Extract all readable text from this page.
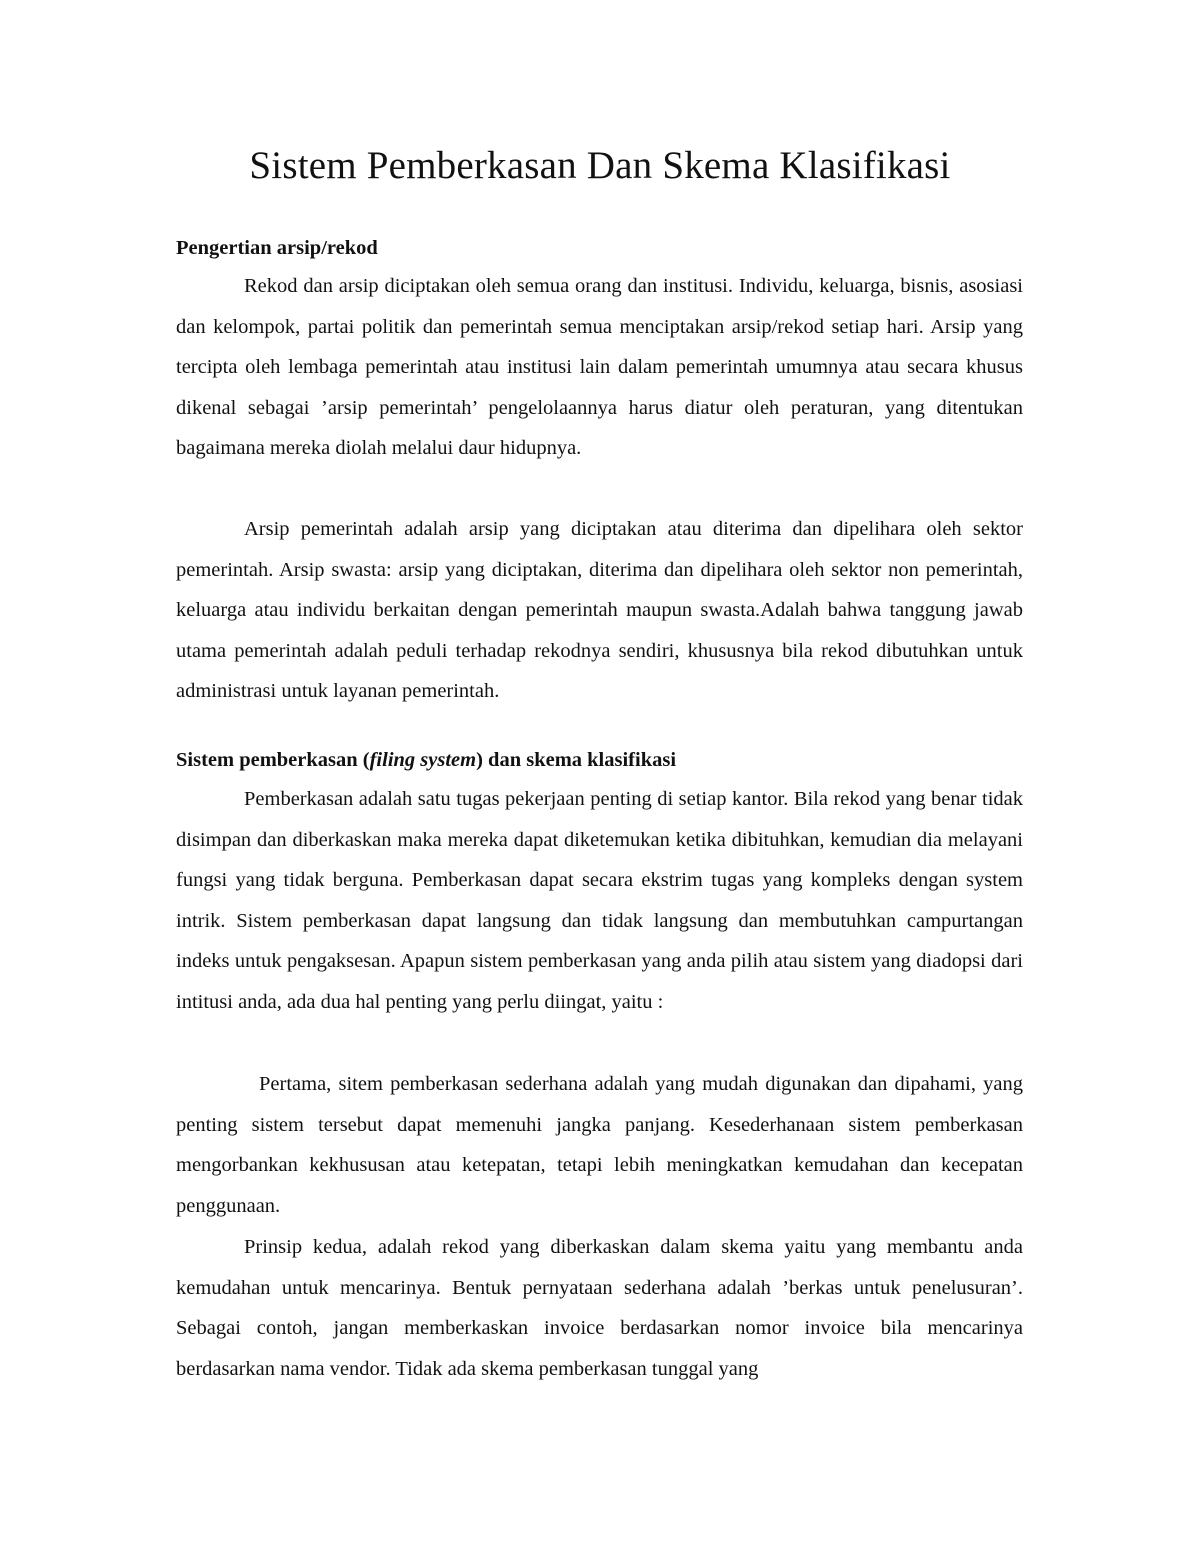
Sistem Pemberkasan Dan Skema Klasifikasi

Pengertian arsip/rekod

Rekod dan arsip diciptakan oleh semua orang dan institusi. Individu, keluarga, bisnis, asosiasi dan kelompok, partai politik dan pemerintah semua menciptakan arsip/rekod setiap hari. Arsip yang tercipta oleh lembaga pemerintah atau institusi lain dalam pemerintah umumnya atau secara khusus dikenal sebagai ’arsip pemerintah’ pengelolaannya harus diatur oleh peraturan, yang ditentukan bagaimana mereka diolah melalui daur hidupnya.

Arsip pemerintah adalah arsip yang diciptakan atau diterima dan dipelihara oleh sektor pemerintah. Arsip swasta: arsip yang diciptakan, diterima dan dipelihara oleh sektor non pemerintah, keluarga atau individu berkaitan dengan pemerintah maupun swasta.Adalah bahwa tanggung jawab utama pemerintah adalah peduli terhadap rekodnya sendiri, khususnya bila rekod dibutuhkan untuk administrasi untuk layanan pemerintah.

Sistem pemberkasan (filing system) dan skema klasifikasi

Pemberkasan adalah satu tugas pekerjaan penting di setiap kantor. Bila rekod yang benar tidak disimpan dan diberkaskan maka mereka dapat diketemukan ketika dibituhkan, kemudian dia melayani fungsi yang tidak berguna. Pemberkasan dapat secara ekstrim tugas yang kompleks dengan system intrik. Sistem pemberkasan dapat langsung dan tidak langsung dan membutuhkan campurtangan indeks untuk pengaksesan. Apapun sistem pemberkasan yang anda pilih atau sistem yang diadopsi dari intitusi anda, ada dua hal penting yang perlu diingat, yaitu :

Pertama, sitem pemberkasan sederhana adalah yang mudah digunakan dan dipahami, yang penting sistem tersebut dapat memenuhi jangka panjang. Kesederhanaan sistem pemberkasan mengorbankan kekhususan atau ketepatan, tetapi lebih meningkatkan kemudahan dan kecepatan penggunaan.

Prinsip kedua, adalah rekod yang diberkaskan dalam skema yaitu yang membantu anda kemudahan untuk mencarinya. Bentuk pernyataan sederhana adalah ’berkas untuk penelusuran’. Sebagai contoh, jangan memberkaskan invoice berdasarkan nomor invoice bila mencarinya berdasarkan nama vendor. Tidak ada skema pemberkasan tunggal yang
